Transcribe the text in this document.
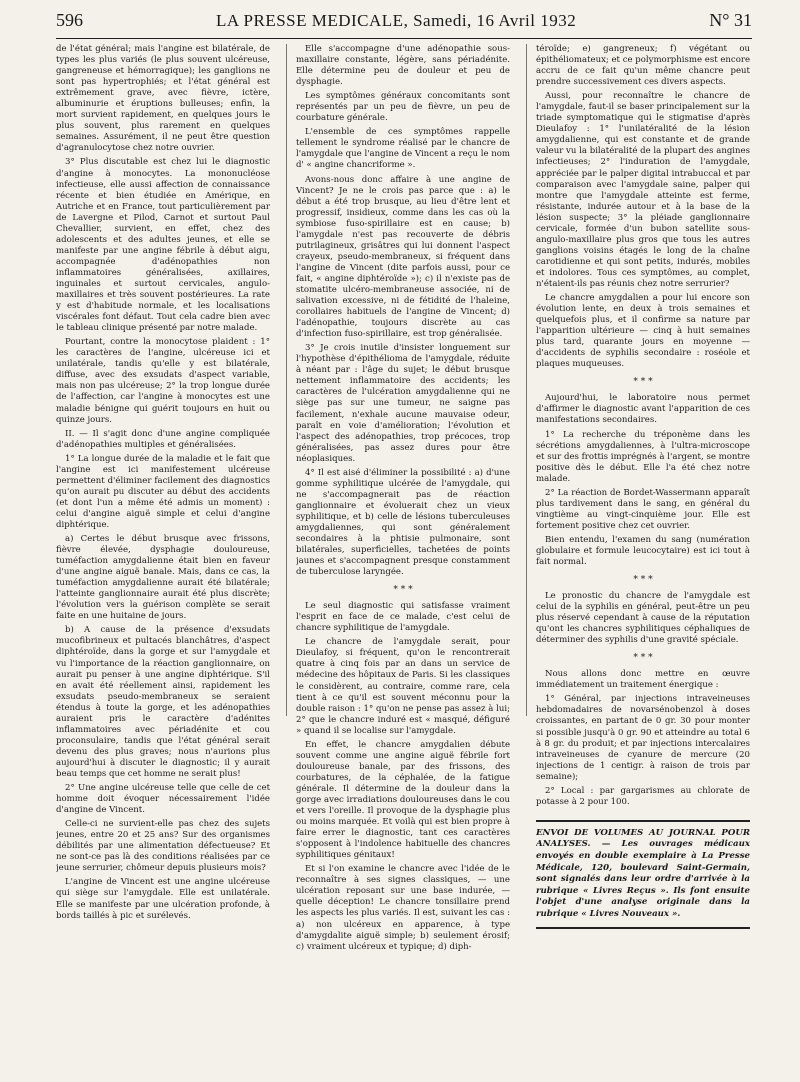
596	LA PRESSE MEDICALE, Samedi, 16 Avril 1932	N° 31

de l'état général; mais l'angine est bilatérale, de types les plus variés (le plus souvent ulcéreuse, gangreneuse et hémorragique); les ganglions ne sont pas hypertrophiés; et l'état général est extrêmement grave, avec fièvre, ictère, albuminurie et éruptions bulleuses; enfin, la mort survient rapidement, en quelques jours le plus souvent, plus rarement en quelques semaines. Assurément, il ne peut être question d'agranulocytose chez notre ouvrier.

3° Plus discutable est chez lui le diagnostic d'angine à monocytes. La mononucléose infectieuse, elle aussi affection de connaissance récente et bien étudiée en Amérique, en Autriche et en France, tout particulièrement par de Lavergne et Pilod, Carnot et surtout Paul Chevallier, survient, en effet, chez des adolescents et des adultes jeunes, et elle se manifeste par une angine fébrile à début aigu, accompagnée d'adénopathies non inflammatoires généralisées, axillaires, inguinales et surtout cervicales, angulo-maxillaires et très souvent postérieures. La rate y est d'habitude normale, et les localisations viscérales font défaut. Tout cela cadre bien avec le tableau clinique présenté par notre malade.

Pourtant, contre la monocytose plaident : 1° les caractères de l'angine, ulcéreuse ici et unilatérale, tandis qu'elle y est bilatérale, diffuse, avec des exsudats d'aspect variable, mais non pas ulcéreuse; 2° la trop longue durée de l'affection, car l'angine à monocytes est une maladie bénigne qui guérit toujours en huit ou quinze jours.

II. — Il s'agit donc d'une angine compliquée d'adénopathies multiples et généralisées.

1° La longue durée de la maladie et le fait que l'angine est ici manifestement ulcéreuse permettent d'éliminer facilement des diagnostics qu'on aurait pu discuter au début des accidents (et dont l'un a même été admis un moment) : celui d'angine aiguë simple et celui d'angine diphtérique.

a) Certes le début brusque avec frissons, fièvre élevée, dysphagie douloureuse, tuméfaction amygdalienne était bien en faveur d'une angine aiguë banale. Mais, dans ce cas, la tuméfaction amygdalienne aurait été bilatérale; l'atteinte ganglionnaire aurait été plus discrète; l'évolution vers la guérison complète se serait faite en une huitaine de jours.

b) A cause de la présence d'exsudats mucofibrineux et pultacés blanchâtres, d'aspect diphtéroïde, dans la gorge et sur l'amygdale et vu l'importance de la réaction ganglionnaire, on aurait pu penser à une angine diphtérique. S'il en avait été réellement ainsi, rapidement les exsudats pseudo-membraneux se seraient étendus à toute la gorge, et les adénopathies auraient pris le caractère d'adénites inflammatoires avec périadénite et cou proconsulaire, tandis que l'état général serait devenu des plus graves; nous n'aurions plus aujourd'hui à discuter le diagnostic; il y aurait beau temps que cet homme ne serait plus!

2° Une angine ulcéreuse telle que celle de cet homme doit évoquer nécessairement l'idée d'angine de Vincent.

Celle-ci ne survient-elle pas chez des sujets jeunes, entre 20 et 25 ans? Sur des organismes débilités par une alimentation défectueuse? Et ne sont-ce pas là des conditions réalisées par ce jeune serrurier, chômeur depuis plusieurs mois?

L'angine de Vincent est une angine ulcéreuse qui siège sur l'amygdale. Elle est unilatérale. Elle se manifeste par une ulcération profonde, à bords taillés à pic et surélevés.

Elle s'accompagne d'une adénopathie sous-maxillaire constante, légère, sans périadénite. Elle détermine peu de douleur et peu de dysphagie.

Les symptômes généraux concomitants sont représentés par un peu de fièvre, un peu de courbature générale.

L'ensemble de ces symptômes rappelle tellement le syndrome réalisé par le chancre de l'amygdale que l'angine de Vincent a reçu le nom d' « angine chancriforme ».

Avons-nous donc affaire à une angine de Vincent? Je ne le crois pas parce que : a) le début a été trop brusque, au lieu d'être lent et progressif, insidieux, comme dans les cas où la symbiose fuso-spirillaire est en cause; b) l'amygdale n'est pas recouverte de débris putrilagineux, grisâtres qui lui donnent l'aspect crayeux, pseudo-membraneux, si fréquent dans l'angine de Vincent (dite parfois aussi, pour ce fait, « angine diphtéroïde »); c) il n'existe pas de stomatite ulcéro-membraneuse associée, ni de salivation excessive, ni de fétidité de l'haleine, corollaires habituels de l'angine de Vincent; d) l'adénopathie, toujours discrète au cas d'infection fuso-spirillaire, est trop généralisée.

3° Je crois inutile d'insister longuement sur l'hypothèse d'épithélioma de l'amygdale, réduite à néant par : l'âge du sujet; le début brusque nettement inflammatoire des accidents; les caractères de l'ulcération amygdalienne qui ne siège pas sur une tumeur, ne saigne pas facilement, n'exhale aucune mauvaise odeur, paraît en voie d'amélioration; l'évolution et l'aspect des adénopathies, trop précoces, trop généralisées, pas assez dures pour être néoplasiques.

4° Il est aisé d'éliminer la possibilité : a) d'une gomme syphilitique ulcérée de l'amygdale, qui ne s'accompagnerait pas de réaction ganglionnaire et évoluerait chez un vieux syphilitique, et b) celle de lésions tuberculeuses amygdaliennes, qui sont généralement secondaires à la phtisie pulmonaire, sont bilatérales, superficielles, tachetées de points jaunes et s'accompagnent presque constamment de tuberculose laryngée.

* * *

Le seul diagnostic qui satisfasse vraiment l'esprit en face de ce malade, c'est celui de chancre syphilitique de l'amygdale.

Le chancre de l'amygdale serait, pour Dieulafoy, si fréquent, qu'on le rencontrerait quatre à cinq fois par an dans un service de médecine des hôpitaux de Paris. Si les classiques le considèrent, au contraire, comme rare, cela tient à ce qu'il est souvent méconnu pour la double raison : 1° qu'on ne pense pas assez à lui; 2° que le chancre induré est « masqué, défiguré » quand il se localise sur l'amygdale.

En effet, le chancre amygdalien débute souvent comme une angine aiguë fébrile fort douloureuse banale, par des frissons, des courbatures, de la céphalée, de la fatigue générale. Il détermine de la douleur dans la gorge avec irradiations douloureuses dans le cou et vers l'oreille. Il provoque de la dysphagie plus ou moins marquée. Et voilà qui est bien propre à faire errer le diagnostic, tant ces caractères s'opposent à l'indolence habituelle des chancres syphilitiques génitaux!

Et si l'on examine le chancre avec l'idée de le reconnaître à ses signes classiques, — une ulcération reposant sur une base indurée, — quelle déception! Le chancre tonsillaire prend les aspects les plus variés. Il est, suivant les cas : a) non ulcéreux en apparence, à type d'amygdalite aiguë simple; b) seulement érosif; c) vraiment ulcéreux et typique; d) diph-

téroïde; e) gangreneux; f) végétant ou épithéliomateux; et ce polymorphisme est encore accru de ce fait qu'un même chancre peut prendre successivement ces divers aspects.

Aussi, pour reconnaître le chancre de l'amygdale, faut-il se baser principalement sur la triade symptomatique qui le stigmatise d'après Dieulafoy : 1° l'unilatéralité de la lésion amygdalienne, qui est constante et de grande valeur vu la bilatéralité de la plupart des angines infectieuses; 2° l'induration de l'amygdale, appréciée par le palper digital intrabuccal et par comparaison avec l'amygdale saine, palper qui montre que l'amygdale atteinte est ferme, résistante, indurée autour et à la base de la lésion suspecte; 3° la pléiade ganglionnaire cervicale, formée d'un bubon satellite sous-angulo-maxillaire plus gros que tous les autres ganglions voisins étagés le long de la chaîne carotidienne et qui sont petits, indurés, mobiles et indolores. Tous ces symptômes, au complet, n'étaient-ils pas réunis chez notre serrurier?

Le chancre amygdalien a pour lui encore son évolution lente, en deux à trois semaines et quelquefois plus, et il confirme sa nature par l'apparition ultérieure — cinq à huit semaines plus tard, quarante jours en moyenne — d'accidents de syphilis secondaire : roséole et plaques muqueuses.

* * *

Aujourd'hui, le laboratoire nous permet d'affirmer le diagnostic avant l'apparition de ces manifestations secondaires.

1° La recherche du tréponème dans les sécrétions amygdaliennes, à l'ultra-microscope et sur des frottis imprégnés à l'argent, se montre positive dès le début. Elle l'a été chez notre malade.

2° La réaction de Bordet-Wassermann apparaît plus tardivement dans le sang, en général du vingtième au vingt-cinquième jour. Elle est fortement positive chez cet ouvrier.

Bien entendu, l'examen du sang (numération globulaire et formule leucocytaire) est ici tout à fait normal.

* * *

Le pronostic du chancre de l'amygdale est celui de la syphilis en général, peut-être un peu plus réservé cependant à cause de la réputation qu'ont les chancres syphilitiques céphaliques de déterminer des syphilis d'une gravité spéciale.

* * *

Nous allons donc mettre en œuvre immédiatement un traitement énergique :

1° Général, par injections intraveineuses hebdomadaires de novarsénobenzol à doses croissantes, en partant de 0 gr. 30 pour monter si possible jusqu'à 0 gr. 90 et atteindre au total 6 à 8 gr. du produit; et par injections intercalaires intraveineuses de cyanure de mercure (20 injections de 1 centigr. à raison de trois par semaine);

2° Local : par gargarismes au chlorate de potasse à 2 pour 100.

ENVOI DE VOLUMES AU JOURNAL POUR ANALYSES. — Les ouvrages médicaux envoyés en double exemplaire à La Presse Médicale, 120, boulevard Saint-Germain, sont signalés dans leur ordre d'arrivée à la rubrique « Livres Reçus ». Ils font ensuite l'objet d'une analyse originale dans la rubrique « Livres Nouveaux ».
